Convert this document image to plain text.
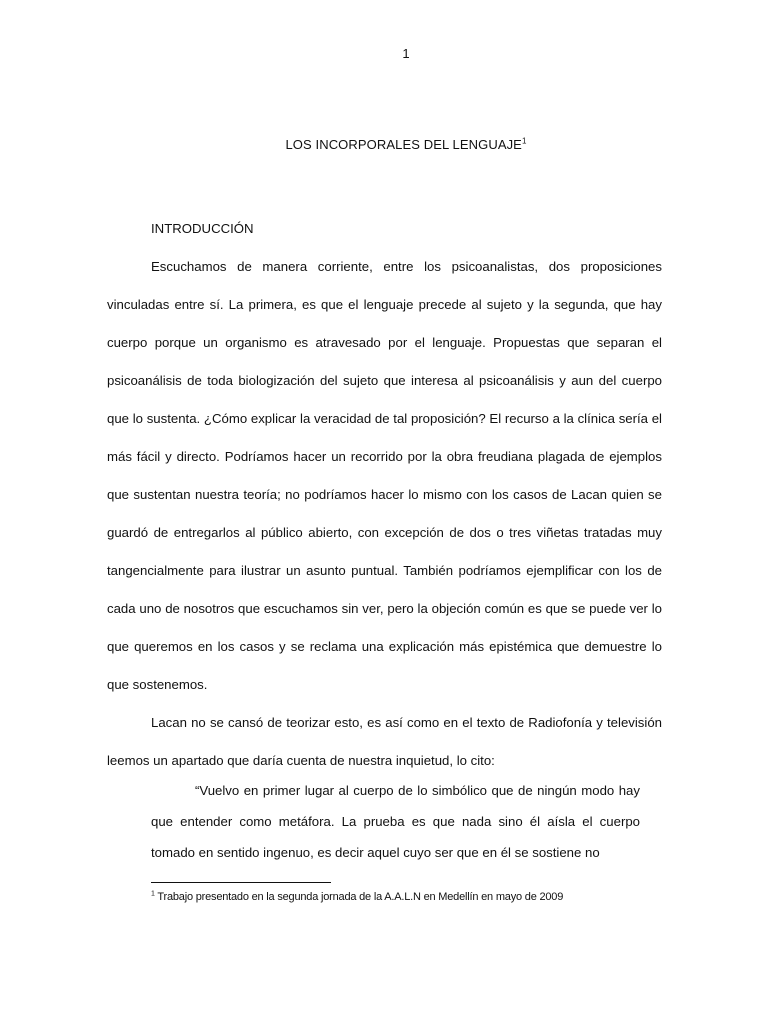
1
LOS INCORPORALES DEL LENGUAJE$^1$

INTRODUCCIÓN

Escuchamos de manera corriente, entre los psicoanalistas, dos proposiciones vinculadas entre sí. La primera, es que el lenguaje precede al sujeto y la segunda, que hay cuerpo porque un organismo es atravesado por el lenguaje. Propuestas que separan el psicoanálisis de toda biologización del sujeto que interesa al psicoanálisis y aun del cuerpo que lo sustenta. ¿Cómo explicar la veracidad de tal proposición? El recurso a la clínica sería el más fácil y directo. Podríamos hacer un recorrido por la obra freudiana plagada de ejemplos que sustentan nuestra teoría; no podríamos hacer lo mismo con los casos de Lacan quien se guardó de entregarlos al público abierto, con excepción de dos o tres viñetas tratadas muy tangencialmente para ilustrar un asunto puntual. También podríamos ejemplificar con los de cada uno de nosotros que escuchamos sin ver, pero la objeción común es que se puede ver lo que queremos en los casos y se reclama una explicación más epistémica que demuestre lo que sostenemos.

Lacan no se cansó de teorizar esto, es así como en el texto de Radiofonía y televisión leemos un apartado que daría cuenta de nuestra inquietud, lo cito:

“Vuelvo en primer lugar al cuerpo de lo simbólico que de ningún modo hay que entender como metáfora. La prueba es que nada sino él aísla el cuerpo tomado en sentido ingenuo, es decir aquel cuyo ser que en él se sostiene no

$^1$ Trabajo presentado en la segunda jornada de la A.A.L.N en Medellín en mayo de 2009
